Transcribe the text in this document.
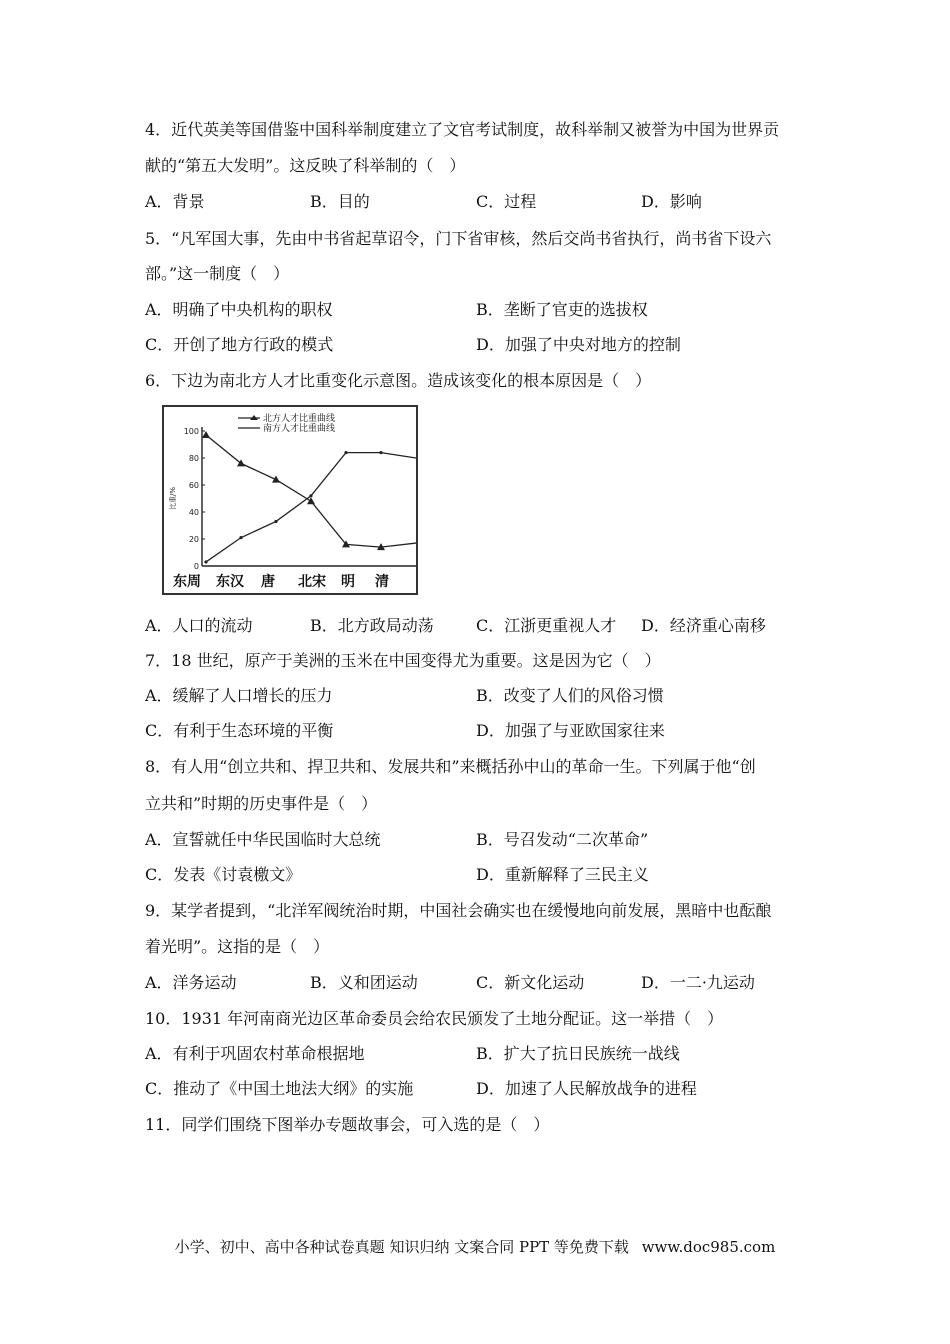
4．近代英美等国借鉴中国科举制度建立了文官考试制度，故科举制又被誉为中国为世界贡
献的“第五大发明”。这反映了科举制的（　）
A．背景	B．目的	C．过程	D．影响
5．“凡军国大事，先由中书省起草诏令，门下省审核，然后交尚书省执行，尚书省下设六
部。”这一制度（　）
A．明确了中央机构的职权	B．垄断了官吏的选拔权
C．开创了地方行政的模式	D．加强了中央对地方的控制
6．下边为南北方人才比重变化示意图。造成该变化的根本原因是（　）
0
20
40
60
80
100
东周 东汉 唐 北宋 明 清
北方人才比重曲线
南方人才比重曲线
比重/%
A．人口的流动	B．北方政局动荡	C．江浙更重视人才 D．经济重心南移
7．18 世纪，原产于美洲的玉米在中国变得尤为重要。这是因为它（　）
A．缓解了人口增长的压力	B．改变了人们的风俗习惯
C．有利于生态环境的平衡	D．加强了与亚欧国家往来
8．有人用“创立共和、捍卫共和、发展共和”来概括孙中山的革命一生。下列属于他“创
立共和”时期的历史事件是（　）
A．宣誓就任中华民国临时大总统	B．号召发动“二次革命”
C．发表《讨袁檄文》	D．重新解释了三民主义
9．某学者提到，“北洋军阀统治时期，中国社会确实也在缓慢地向前发展，黑暗中也酝酿
着光明”。这指的是（　）
A．洋务运动	B．义和团运动	C．新文化运动	D．一二·九运动
10．1931 年河南商光边区革命委员会给农民颁发了土地分配证。这一举措（　）
A．有利于巩固农村革命根据地	B．扩大了抗日民族统一战线
C．推动了《中国土地法大纲》的实施	D．加速了人民解放战争的进程
11．同学们围绕下图举办专题故事会，可入选的是（　）
小学、初中、高中各种试卷真题 知识归纳 文案合同 PPT 等免费下载 www.doc985.com
